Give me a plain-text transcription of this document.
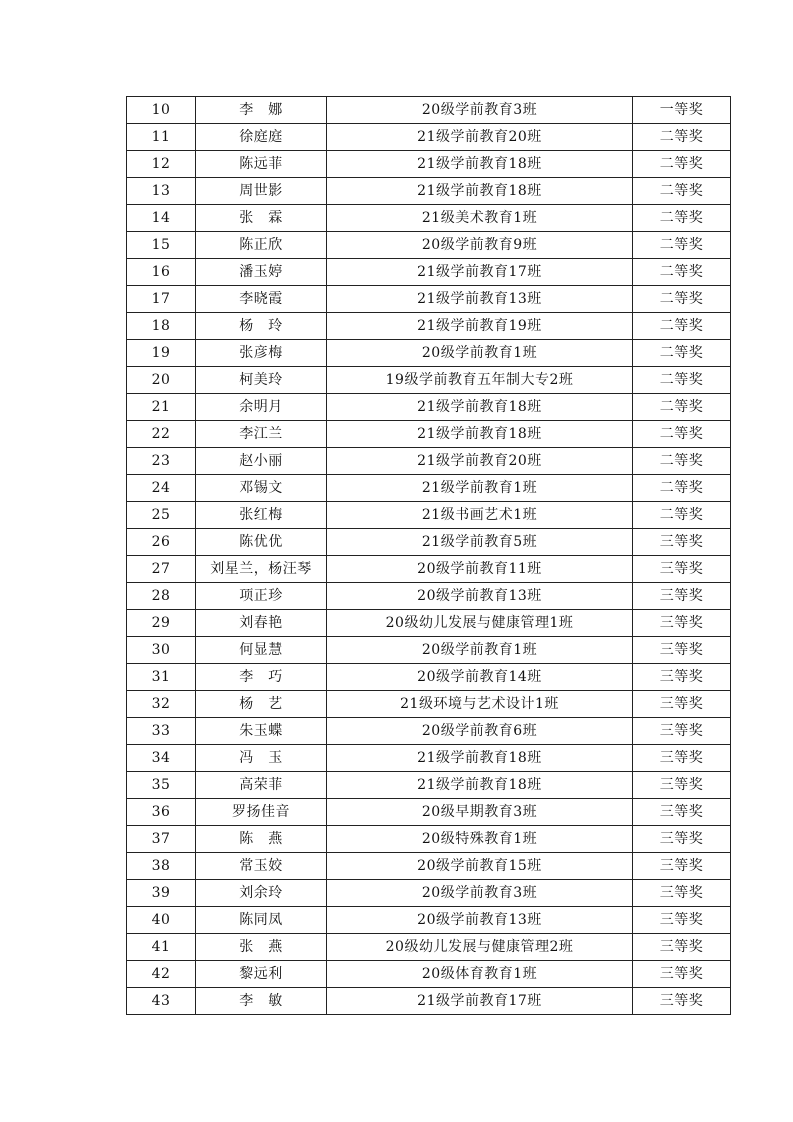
10	李　娜	20级学前教育3班	一等奖
11	徐庭庭	21级学前教育20班	二等奖
12	陈远菲	21级学前教育18班	二等奖
13	周世影	21级学前教育18班	二等奖
14	张　霖	21级美术教育1班	二等奖
15	陈正欣	20级学前教育9班	二等奖
16	潘玉婷	21级学前教育17班	二等奖
17	李晓霞	21级学前教育13班	二等奖
18	杨　玲	21级学前教育19班	二等奖
19	张彦梅	20级学前教育1班	二等奖
20	柯美玲	19级学前教育五年制大专2班	二等奖
21	余明月	21级学前教育18班	二等奖
22	李江兰	21级学前教育18班	二等奖
23	赵小丽	21级学前教育20班	二等奖
24	邓锡文	21级学前教育1班	二等奖
25	张红梅	21级书画艺术1班	二等奖
26	陈优优	21级学前教育5班	三等奖
27	刘星兰，杨汪琴	20级学前教育11班	三等奖
28	项正珍	20级学前教育13班	三等奖
29	刘春艳	20级幼儿发展与健康管理1班	三等奖
30	何显慧	20级学前教育1班	三等奖
31	李　巧	20级学前教育14班	三等奖
32	杨　艺	21级环境与艺术设计1班	三等奖
33	朱玉蝶	20级学前教育6班	三等奖
34	冯　玉	21级学前教育18班	三等奖
35	高荣菲	21级学前教育18班	三等奖
36	罗扬佳音	20级早期教育3班	三等奖
37	陈　燕	20级特殊教育1班	三等奖
38	常玉姣	20级学前教育15班	三等奖
39	刘余玲	20级学前教育3班	三等奖
40	陈同凤	20级学前教育13班	三等奖
41	张　燕	20级幼儿发展与健康管理2班	三等奖
42	黎远利	20级体育教育1班	三等奖
43	李　敏	21级学前教育17班	三等奖
